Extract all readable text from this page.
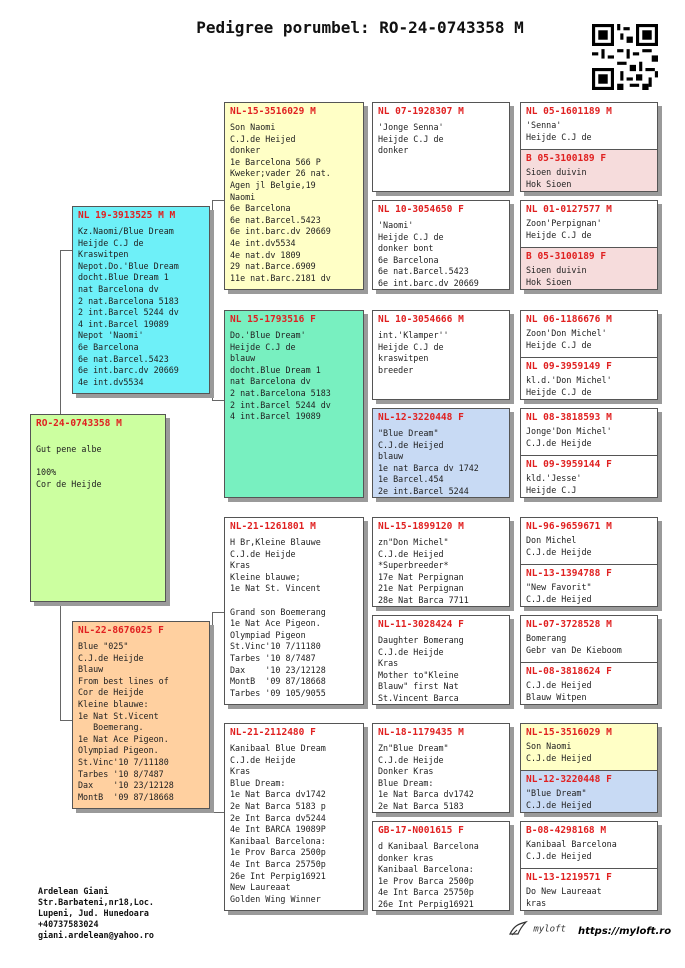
Pedigree porumbel: RO-24-0743358 M
RO-24-0743358 M
Gut pene albe

100%
Cor de Heijde
NL 19-3913525 M M
Kz.Naomi/Blue Dream
Heijde C.J de
Kraswitpen
Nepot.Do.'Blue Dream
docht.Blue Dream 1
nat Barcelona dv
2 nat.Barcelona 5183
2 int.Barcel 5244 dv
4 int.Barcel 19089
Nepot 'Naomi'
6e Barcelona
6e nat.Barcel.5423
6e int.barc.dv 20669
4e int.dv5534
NL-22-8676025 F
Blue "025"
C.J.de Heijde
Blauw
From best lines of
Cor de Heijde
Kleine blauwe:
1e Nat St.Vicent
Boemerang.
1e Nat Ace Pigeon.
Olympiad Pigeon.
St.Vinc'10 7/11180
Tarbes '10 8/7487
Dax    '10 23/12128
MontB  '09 87/18668
NL-15-3516029 M
Son Naomi
C.J.de Heijed
donker
1e Barcelona 566 P
Kweker;vader 26 nat.
Agen jl Belgie,19
Naomi
6e Barcelona
6e nat.Barcel.5423
6e int.barc.dv 20669
4e int.dv5534
4e nat.dv 1809
29 nat.Barce.6909
11e nat.Barc.2181 dv
NL 15-1793516 F
Do.'Blue Dream'
Heijde C.J de
blauw
docht.Blue Dream 1
nat Barcelona dv
2 nat.Barcelona 5183
2 int.Barcel 5244 dv
4 int.Barcel 19089
NL-21-1261801 M
H Br,Kleine Blauwe
C.J.de Heijde
Kras
Kleine blauwe;
1e Nat St. Vincent

Grand son Boemerang
1e Nat Ace Pigeon.
Olympiad Pigeon
St.Vinc'10 7/11180
Tarbes '10 8/7487
Dax    '10 23/12128
MontB  '09 87/18668
Tarbes '09 105/9055
NL-21-2112480 F
Kanibaal Blue Dream
C.J.de Heijde
Kras
Blue Dream:
1e Nat Barca dv1742
2e Nat Barca 5183 p
2e Int Barca dv5244
4e Int BARCA 19089P
Kanibaal Barcelona:
1e Prov Barca 2500p
4e Int Barca 25750p
26e Int Perpig16921
New Laureaat
Golden Wing Winner
NL 07-1928307 M
'Jonge Senna'
Heijde C.J de
donker
NL 10-3054650 F
'Naomi'
Heijde C.J de
donker bont
6e Barcelona
6e nat.Barcel.5423
6e int.barc.dv 20669
NL 10-3054666 M
int.'Klamper''
Heijde C.J de
kraswitpen
breeder
NL-12-3220448 F
"Blue Dream"
C.J.de Heijed
blauw
1e nat Barca dv 1742
1e Barcel.454
2e int.Barcel 5244
NL-15-1899120 M
zn"Don Michel"
C.J.de Heijed
*Superbreeder*
17e Nat Perpignan
21e Nat Perpignan
28e Nat Barca 7711
NL-11-3028424 F
Daughter Bomerang
C.J.de Heijde
Kras
Mother to"Kleine
Blauw" first Nat
St.Vincent Barca
NL-18-1179435 M
Zn"Blue Dream"
C.J.de Heijde
Donker Kras
Blue Dream:
1e Nat Barca dv1742
2e Nat Barca 5183
GB-17-N001615 F
d Kanibaal Barcelona
donker kras
Kanibaal Barcelona:
1e Prov Barca 2500p
4e Int Barca 25750p
26e Int Perpig16921
NL 05-1601189 M
'Senna'
Heijde C.J de
B 05-3100189 F
Sioen duivin
Hok Sioen
NL 01-0127577 M
Zoon'Perpignan'
Heijde C.J de
B 05-3100189 F
Sioen duivin
Hok Sioen
NL 06-1186676 M
Zoon'Don Michel'
Heijde C.J de
NL 09-3959149 F
kl.d.'Don Michel'
Heijde C.J de
NL 08-3818593 M
Jonge'Don Michel'
C.J.de Heijde
NL 09-3959144 F
kld.'Jesse'
Heijde C.J
NL-96-9659671 M
Don Michel
C.J.de Heijde
NL-13-1394788 F
"New Favorit"
C.J.de Heijed
NL-07-3728528 M
Bomerang
Gebr van De Kieboom
NL-08-3818624 F
C.J.de Heijed
Blauw Witpen
NL-15-3516029 M
Son Naomi
C.J.de Heijed
NL-12-3220448 F
"Blue Dream"
C.J.de Heijed
B-08-4298168 M
Kanibaal Barcelona
C.J.de Heijed
NL-13-1219571 F
Do New Laureaat
kras
Ardelean Giani
Str.Barbateni,nr18,Loc.
Lupeni, Jud. Hunedoara
+40737583024
giani.ardelean@yahoo.ro
myloft https://myloft.ro
